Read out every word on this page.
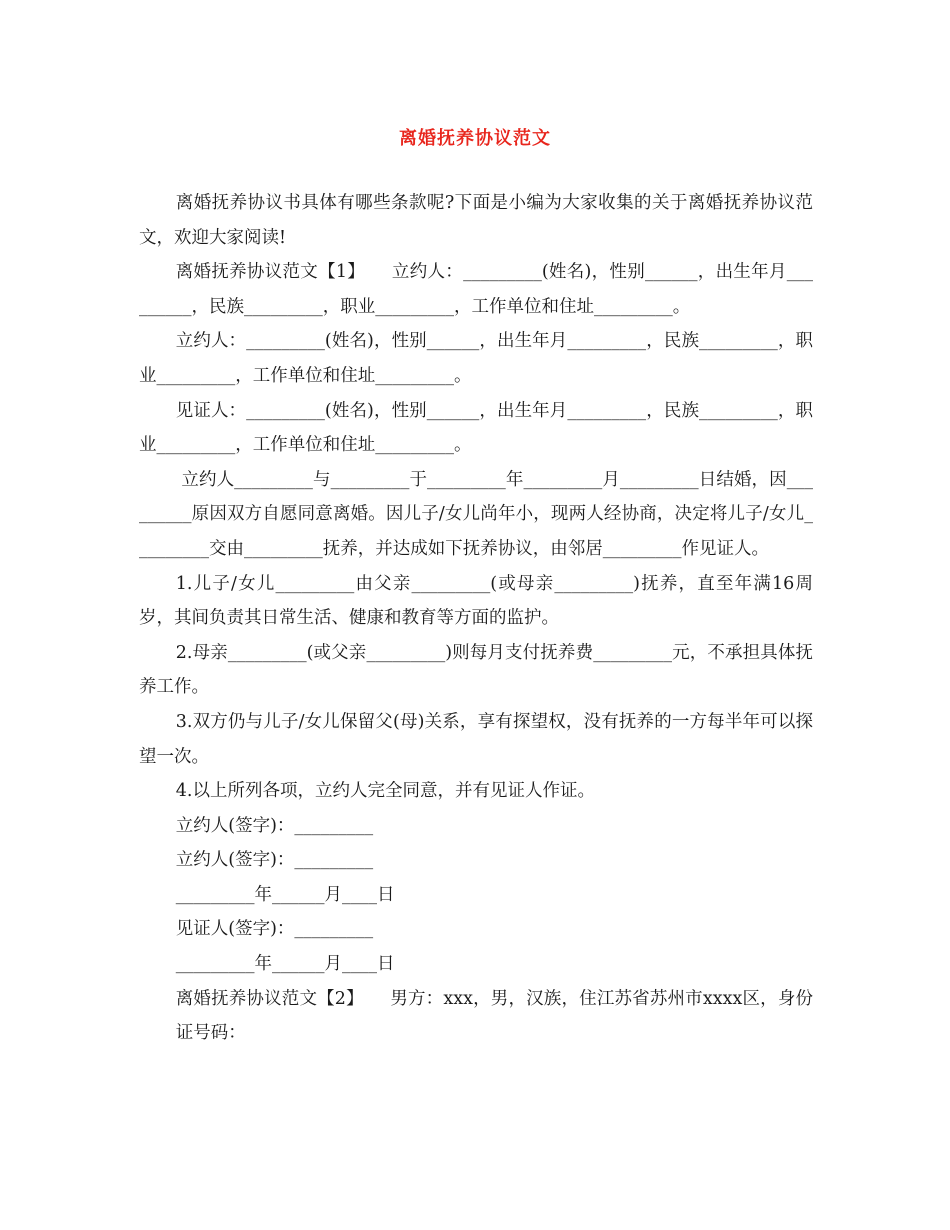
离婚抚养协议范文

离婚抚养协议书具体有哪些条款呢?下面是小编为大家收集的关于离婚抚养协议范文，欢迎大家阅读!

离婚抚养协议范文【1】　　立约人：_________(姓名)，性别______，出生年月_________，民族_________，职业_________，工作单位和住址_________。

立约人：_________(姓名)，性别______，出生年月_________，民族_________，职业_________，工作单位和住址_________。

见证人：_________(姓名)，性别______，出生年月_________，民族_________，职业_________，工作单位和住址_________。

立约人_________与_________于_________年_________月_________日结婚，因_________原因双方自愿同意离婚。因儿子/女儿尚年小，现两人经协商，决定将儿子/女儿_________交由_________抚养，并达成如下抚养协议，由邻居_________作见证人。

1.儿子/女儿_________由父亲_________(或母亲_________)抚养，直至年满16周岁，其间负责其日常生活、健康和教育等方面的监护。

2.母亲_________(或父亲_________)则每月支付抚养费_________元，不承担具体抚养工作。

3.双方仍与儿子/女儿保留父(母)关系，享有探望权，没有抚养的一方每半年可以探望一次。

4.以上所列各项，立约人完全同意，并有见证人作证。

立约人(签字)：_________

立约人(签字)：_________

_________年______月____日

见证人(签字)：_________

_________年______月____日

离婚抚养协议范文【2】　　男方：xxx，男，汉族，住江苏省苏州市xxxx区，身份证号码：
